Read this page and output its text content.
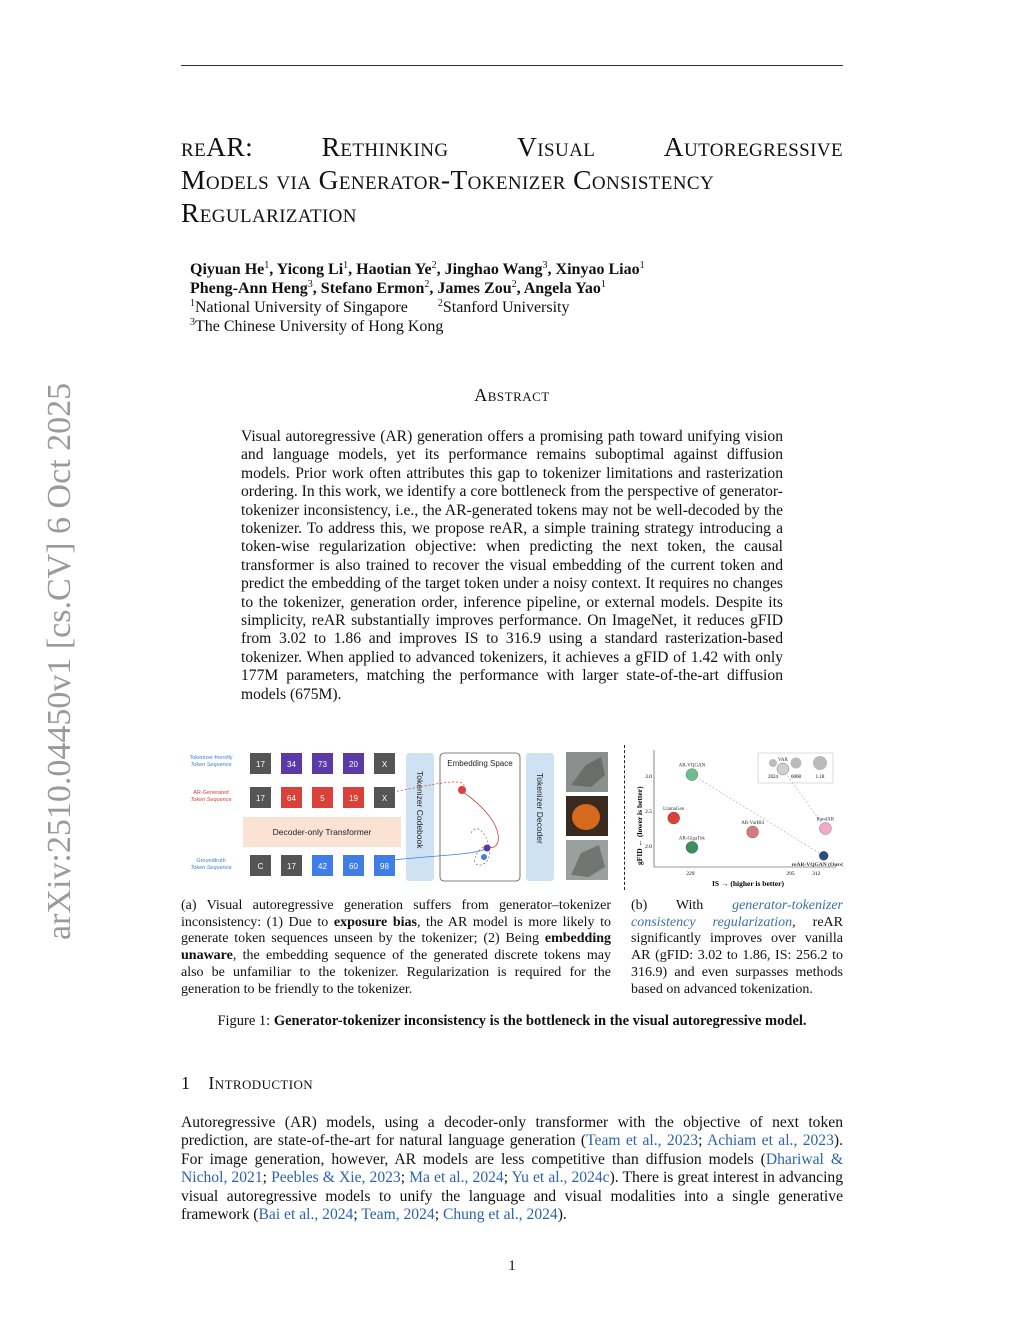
arXiv:2510.04450v1 [cs.CV] 6 Oct 2025
reAR: Rethinking Visual Autoregressive
Models via Generator-Tokenizer Consistency
Regularization
Qiyuan He$^1$, Yicong Li$^1$, Haotian Ye$^2$, Jinghao Wang$^3$, Xinyao Liao$^1$
Pheng-Ann Heng$^3$, Stefano Ermon$^2$, James Zou$^2$, Angela Yao$^1$
$^1$National University of Singapore	$^2$Stanford University
$^3$The Chinese University of Hong Kong
Abstract
Visual autoregressive (AR) generation offers a promising path toward unifying vision and language models, yet its performance remains suboptimal against diffusion models. Prior work often attributes this gap to tokenizer limitations and rasterization ordering. In this work, we identify a core bottleneck from the perspective of generator-tokenizer inconsistency, i.e., the AR-generated tokens may not be well-decoded by the tokenizer. To address this, we propose reAR, a simple training strategy introducing a token-wise regularization objective: when predicting the next token, the causal transformer is also trained to recover the visual embedding of the current token and predict the embedding of the target token under a noisy context. It requires no changes to the tokenizer, generation order, inference pipeline, or external models. Despite its simplicity, reAR substantially improves performance. On ImageNet, it reduces gFID from 3.02 to 1.86 and improves IS to 316.9 using a standard rasterization-based tokenizer. When applied to advanced tokenizers, it achieves a gFID of 1.42 with only 177M parameters, matching the performance with larger state-of-the-art diffusion models (675M).
Tokenizer-friendly
Token Sequence
AR-Generated
Token Sequence
Groundtruth
Token Sequence
17	34	73	20	X
17	64	5	19	X
Decoder-only Transformer
C	17	42	60	98
Tokenizer Codebook
Embedding Space
Tokenizer Decoder	gFID ← (lower is better)
IS → (higher is better)
2024	6008	1.18
2.0
2.5
3.0
229	295	312
AR-VQGAN
VAR
LlamaGen
AR-VarBld
AR-GigaTok
RandAR
reAR-VQGAN (Ours)
(a) Visual autoregressive generation suffers from generator–tokenizer inconsistency: (1) Due to exposure bias, the AR model is more likely to generate token sequences unseen by the tokenizer; (2) Being embedding unaware, the embedding sequence of the generated discrete tokens may also be unfamiliar to the tokenizer. Regularization is required for the generation to be friendly to the tokenizer.
(b) With generator-tokenizer consistency regularization, reAR significantly improves over vanilla AR (gFID: 3.02 to 1.86, IS: 256.2 to 316.9) and even surpasses methods based on advanced tokenization.
Figure 1: Generator-tokenizer inconsistency is the bottleneck in the visual autoregressive model.
1 Introduction
Autoregressive (AR) models, using a decoder-only transformer with the objective of next token prediction, are state-of-the-art for natural language generation (Team et al., 2023; Achiam et al., 2023). For image generation, however, AR models are less competitive than diffusion models (Dhariwal & Nichol, 2021; Peebles & Xie, 2023; Ma et al., 2024; Yu et al., 2024c). There is great interest in advancing visual autoregressive models to unify the language and visual modalities into a single generative framework (Bai et al., 2024; Team, 2024; Chung et al., 2024).
1
